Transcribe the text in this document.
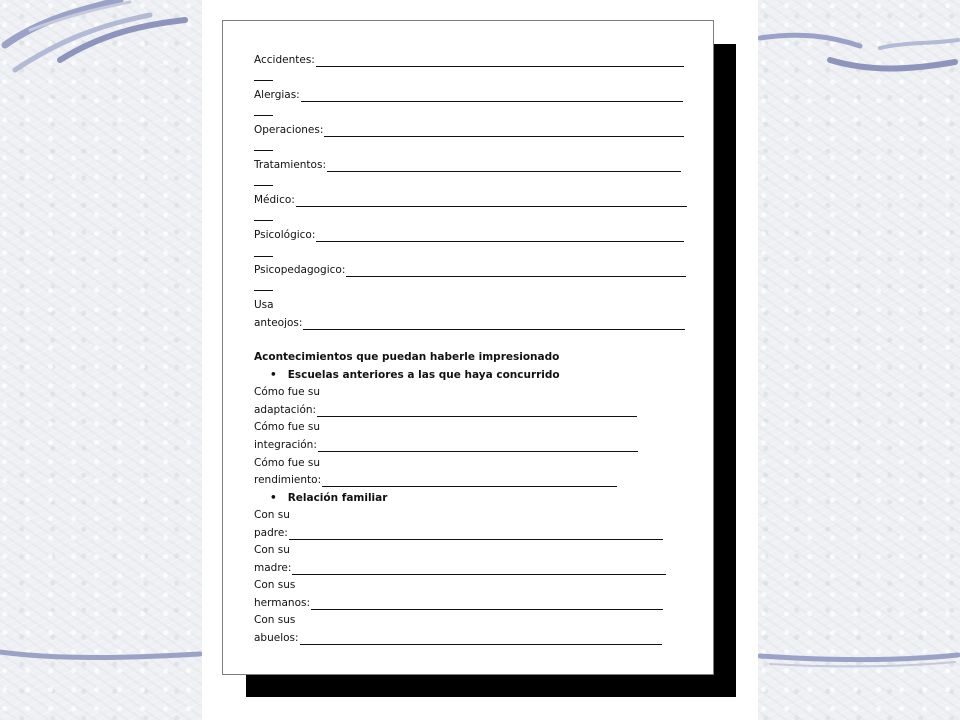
Accidentes:
Alergias:
Operaciones:
Tratamientos:
Médico:
Psicológico:
Psicopedagogico:
Usa
anteojos:
Acontecimientos que puedan haberle impresionado
• Escuelas anteriores a las que haya concurrido
Cómo fue su
adaptación:
Cómo fue su
integración:
Cómo fue su
rendimiento:
• Relación familiar
Con su
padre:
Con su
madre:
Con sus
hermanos:
Con sus
abuelos:
